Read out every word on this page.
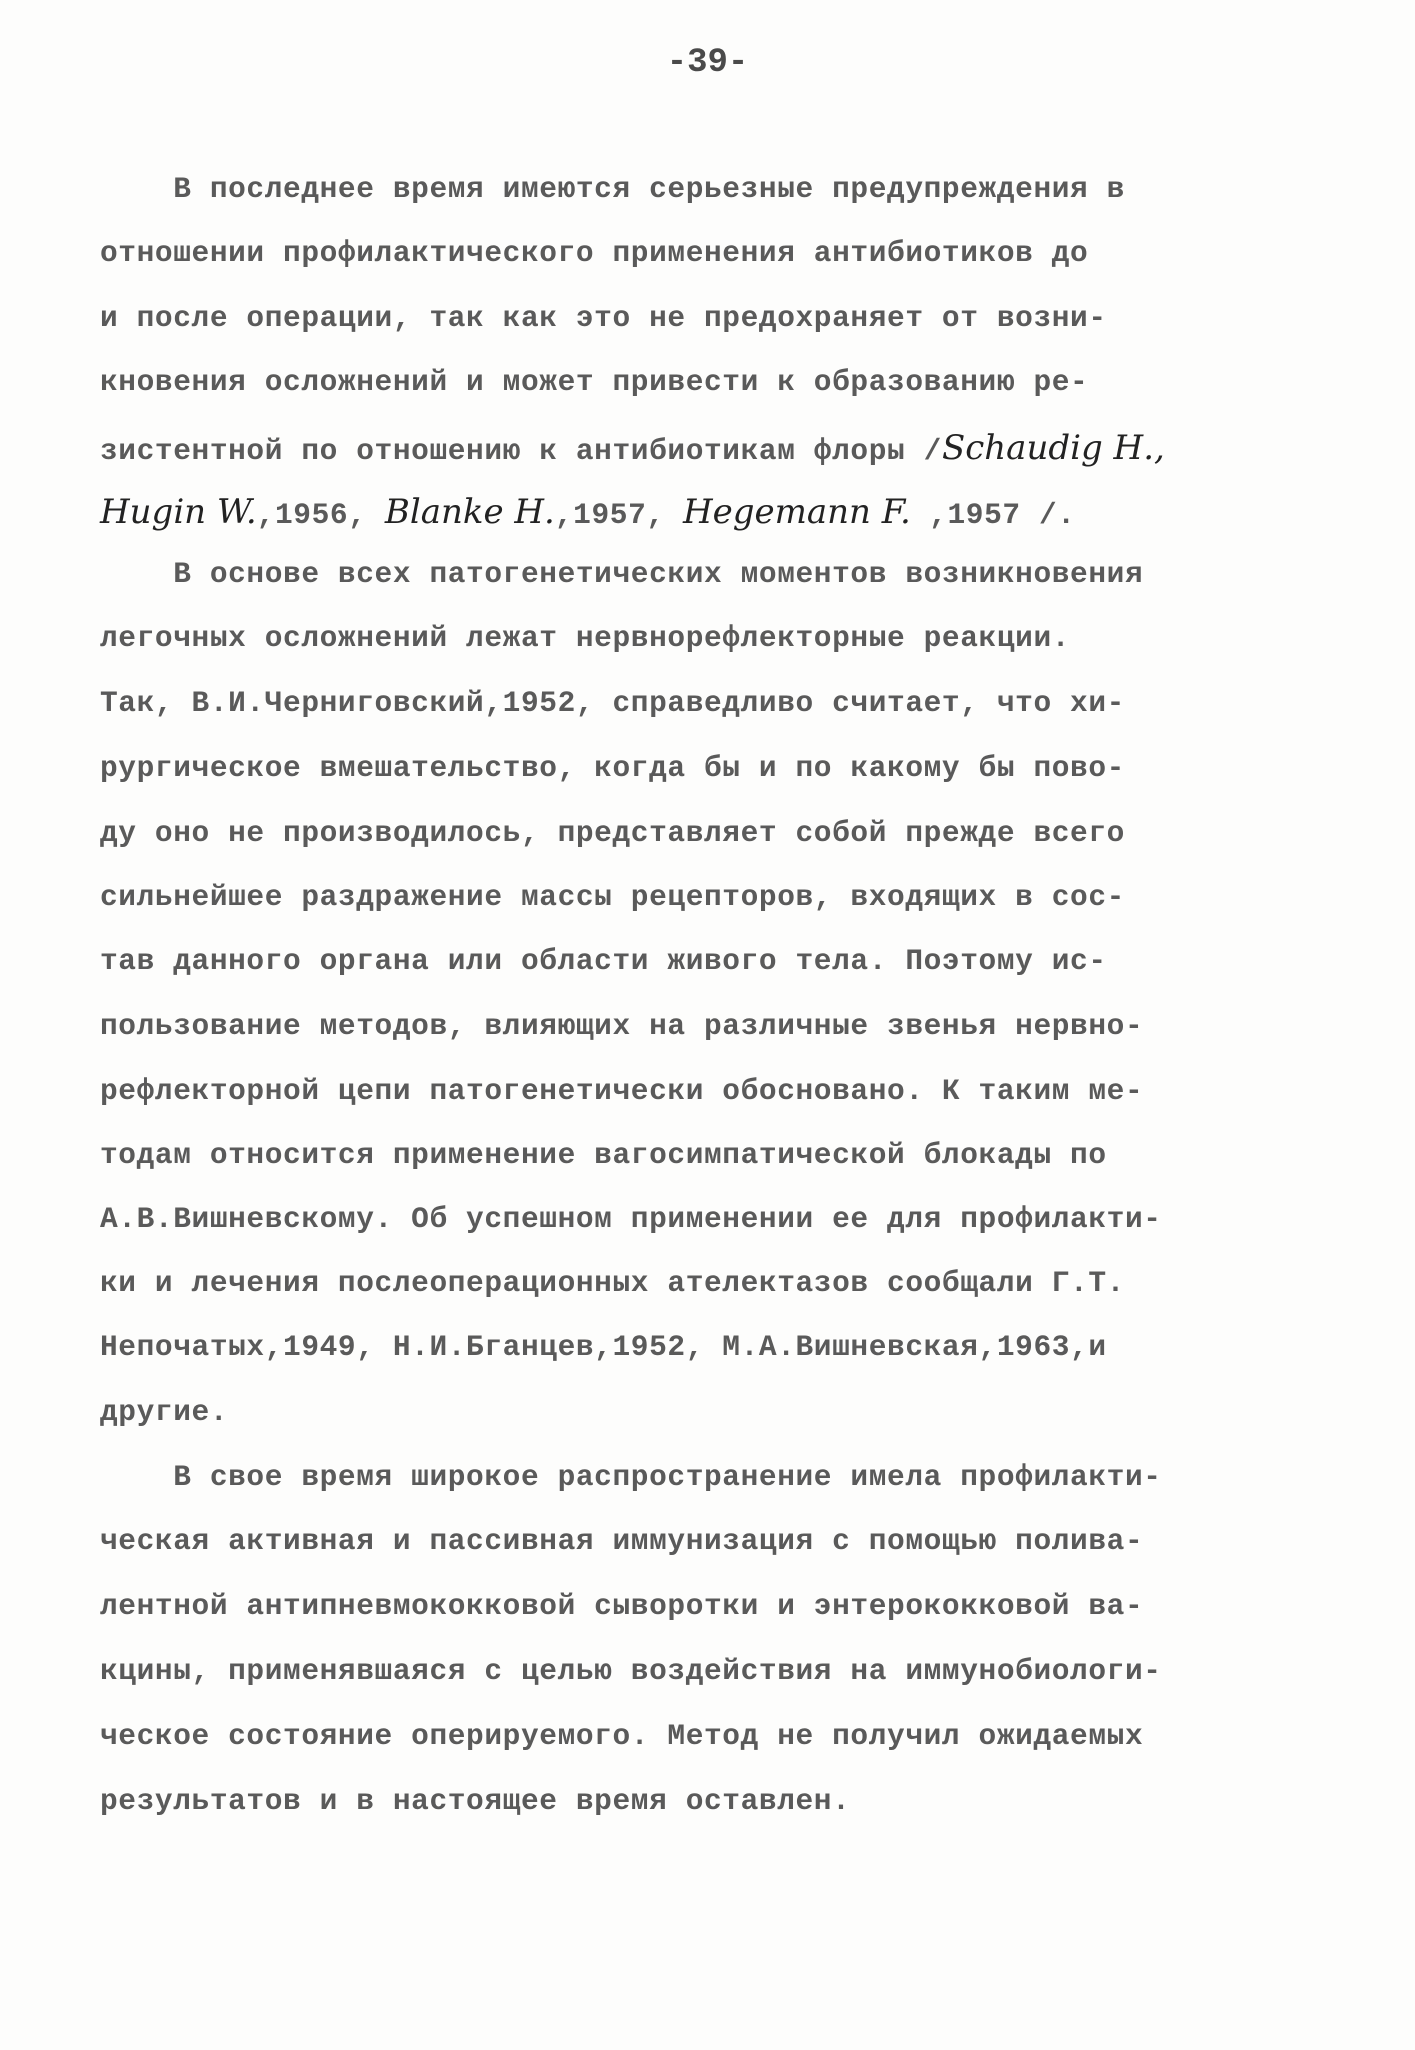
-39-
В последнее время имеются серьезные предупреждения в
отношении профилактического применения антибиотиков до
и после операции, так как это не предохраняет от возни-
кновения осложнений и может привести к образованию ре-
зистентной по отношению к антибиотикам флоры /Schaudig H.,
Hugin W.,1956, Blanke H.,1957, Hegemann F. ,1957 /.
В основе всех патогенетических моментов возникновения
легочных осложнений лежат нервнорефлекторные реакции.
Так, В.И.Черниговский,1952, справедливо считает, что хи-
рургическое вмешательство, когда бы и по какому бы пово-
ду оно не производилось, представляет собой прежде всего
сильнейшее раздражение массы рецепторов, входящих в сос-
тав данного органа или области живого тела. Поэтому ис-
пользование методов, влияющих на различные звенья нервно-
рефлекторной цепи патогенетически обосновано. К таким ме-
тодам относится применение вагосимпатической блокады по
А.В.Вишневскому. Об успешном применении ее для профилакти-
ки и лечения послеоперационных ателектазов сообщали Г.Т.
Непочатых,1949, Н.И.Бганцев,1952, М.А.Вишневская,1963,и
другие.
В свое время широкое распространение имела профилакти-
ческая активная и пассивная иммунизация с помощью полива-
лентной антипневмококковой сыворотки и энтерококковой ва-
кцины, применявшаяся с целью воздействия на иммунобиологи-
ческое состояние оперируемого. Метод не получил ожидаемых
результатов и в настоящее время оставлен.
